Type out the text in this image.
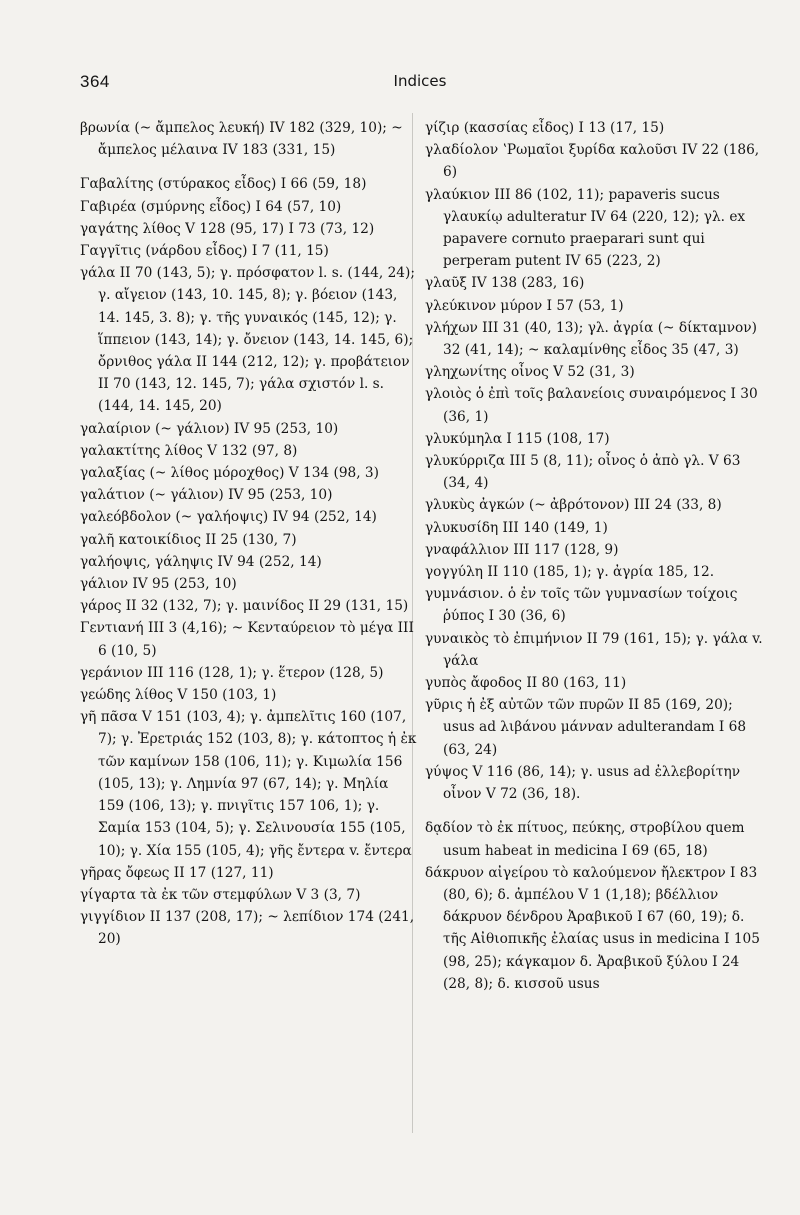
364	Indices

βρωνία (~ ἄμπελος λευκή) IV 182 (329, 10); ~ ἄμπελος μέλαινα IV 183 (331, 15)

Γαβαλίτης (στύρακος εἶδος) I 66 (59, 18)

Γαβιρέα (σμύρνης εἶδος) I 64 (57, 10)

γαγάτης λίθος V 128 (95, 17) I 73 (73, 12)

Γαγγῖτις (νάρδου εἶδος) I 7 (11, 15)

γάλα II 70 (143, 5); γ. πρόσφατον l. s. (144, 24); γ. αἴγειον (143, 10. 145, 8); γ. βόειον (143, 14. 145, 3. 8); γ. τῆς γυναικός (145, 12); γ. ἵππειον (143, 14); γ. ὄνειον (143, 14. 145, 6); ὄρνιθος γάλα II 144 (212, 12); γ. προβάτειον II 70 (143, 12. 145, 7); γάλα σχιστόν l. s. (144, 14. 145, 20)

γαλαίριον (~ γάλιον) IV 95 (253, 10)

γαλακτίτης λίθος V 132 (97, 8)

γαλαξίας (~ λίθος μόροχθος) V 134 (98, 3)

γαλάτιον (~ γάλιον) IV 95 (253, 10)

γαλεόβδολον (~ γαλήοψις) IV 94 (252, 14)

γαλῆ κατοικίδιος II 25 (130, 7)

γαλήοψις, γάληψις IV 94 (252, 14)

γάλιον IV 95 (253, 10)

γάρος II 32 (132, 7); γ. μαινίδος II 29 (131, 15)

Γεντιανή III 3 (4,16); ~ Κενταύρειον τὸ μέγα III 6 (10, 5)

γεράνιον III 116 (128, 1); γ. ἕτερον (128, 5)

γεώδης λίθος V 150 (103, 1)

γῆ πᾶσα V 151 (103, 4); γ. ἀμπελῖτις 160 (107, 7); γ. Ἐρετριάς 152 (103, 8); γ. κάτοπτος ἡ ἐκ τῶν καμίνων 158 (106, 11); γ. Κιμωλία 156 (105, 13); γ. Λημνία 97 (67, 14); γ. Μηλία 159 (106, 13); γ. πνιγῖτις 157 106, 1); γ. Σαμία 153 (104, 5); γ. Σελινουσία 155 (105, 10); γ. Χία 155 (105, 4); γῆς ἔντερα v. ἔντερα

γῆρας ὄφεως II 17 (127, 11)

γίγαρτα τὰ ἐκ τῶν στεμφύλων V 3 (3, 7)

γιγγίδιον II 137 (208, 17); ~ λεπίδιον 174 (241, 20)

γίζιρ (κασσίας εἶδος) I 13 (17, 15)

γλαδίολον ʽΡωμαῖοι ξυρίδα καλοῦσι IV 22 (186, 6)

γλαύκιον III 86 (102, 11); papaveris sucus γλαυκίῳ adulteratur IV 64 (220, 12); γλ. ex papavere cornuto praeparari sunt qui perperam putent IV 65 (223, 2)

γλαῦξ IV 138 (283, 16)

γλεύκινον μύρον I 57 (53, 1)

γλήχων III 31 (40, 13); γλ. ἀγρία (~ δίκταμνον) 32 (41, 14); ~ καλαμίνθης εἶδος 35 (47, 3)

γληχωνίτης οἶνος V 52 (31, 3)

γλοιὸς ὁ ἐπὶ τοῖς βαλανείοις συναιρόμενος I 30 (36, 1)

γλυκύμηλα I 115 (108, 17)

γλυκύρριζα III 5 (8, 11); οἶνος ὁ ἀπὸ γλ. V 63 (34, 4)

γλυκὺς ἀγκών (~ ἀβρότονον) III 24 (33, 8)

γλυκυσίδη III 140 (149, 1)

γναφάλλιον III 117 (128, 9)

γογγύλη II 110 (185, 1); γ. ἀγρία 185, 12.

γυμνάσιον. ὁ ἐν τοῖς τῶν γυμνασίων τοίχοις ῥύπος I 30 (36, 6)

γυναικὸς τὸ ἐπιμήνιον II 79 (161, 15); γ. γάλα v. γάλα

γυπὸς ἄφοδος II 80 (163, 11)

γῦρις ἡ ἐξ αὐτῶν τῶν πυρῶν II 85 (169, 20); usus ad λιβάνου μάνναν adulterandam I 68 (63, 24)

γύψος V 116 (86, 14); γ. usus ad ἐλλεβορίτην οἶνον V 72 (36, 18).

δᾳδίον τὸ ἐκ πίτυος, πεύκης, στροβίλου quem usum habeat in medicina I 69 (65, 18)

δάκρυον αἰγείρου τὸ καλούμενον ἤλεκτρον I 83 (80, 6); δ. ἀμπέλου V 1 (1,18); βδέλλιον δάκρυον δένδρου Ἀραβικοῦ I 67 (60, 19); δ. τῆς Αἰθιοπικῆς ἐλαίας usus in medicina I 105 (98, 25); κάγκαμον δ. Ἀραβικοῦ ξύλου I 24 (28, 8); δ. κισσοῦ usus
